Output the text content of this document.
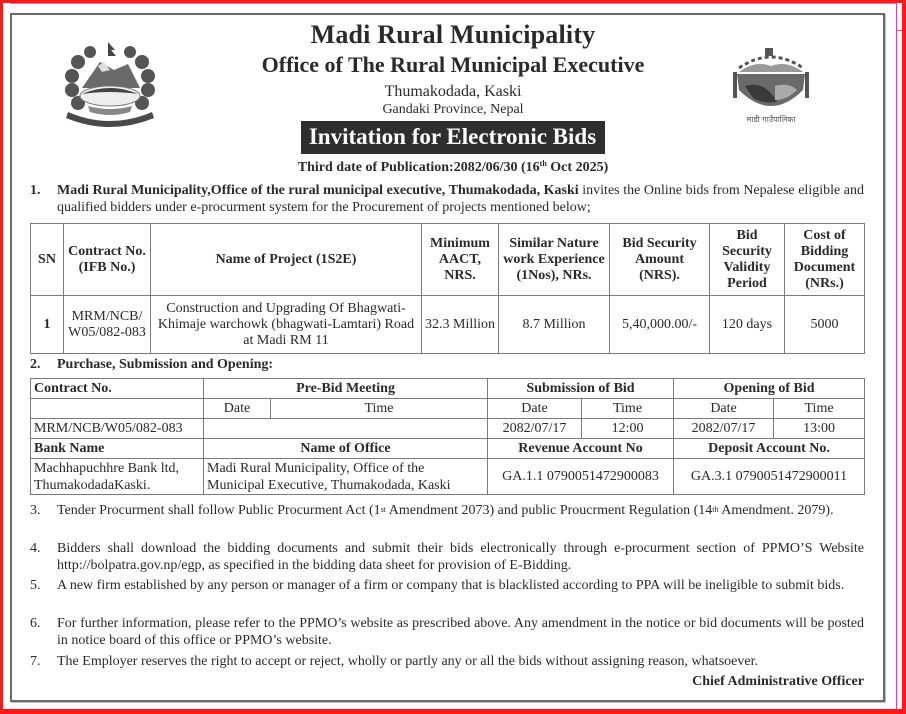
माडी गाउँपालिका
Madi Rural Municipality
Office of The Rural Municipal Executive
Thumakodada, Kaski
Gandaki Province, Nepal
Invitation for Electronic Bids
Third date of Publication:2082/06/30 (16th Oct 2025)
1. Madi Rural Municipality,Office of the rural municipal executive, Thumakodada, Kaski invites the Online bids from Nepalese eligible and qualified bidders under e-procurment system for the Procurement of projects mentioned below;
SN	Contract No. (IFB No.)	Name of Project (1S2E)	Minimum AACT, NRS.	Similar Nature work Experience (1Nos), NRs.	Bid Security Amount (NRS).	Bid Security Validity Period	Cost of Bidding Document (NRs.)
1	MRM/NCB/ W05/082-083	Construction and Upgrading Of Bhagwati-Khimaje warchowk (bhagwati-Lamtari) Road at Madi RM 11	32.3 Million	8.7 Million	5,40,000.00/-	120 days	5000
2. Purchase, Submission and Opening:
Contract No.	Pre-Bid Meeting		Submission of Bid		Opening of Bid	
	Date	Time	Date	Time	Date	Time
MRM/NCB/W05/082-083			2082/07/17	12:00	2082/07/17	13:00
Bank Name	Name of Office		Revenue Account No		Deposit Account No.	
Machhapuchhre Bank ltd, ThumakodadaKaski.	Madi Rural Municipality, Office of the Municipal Executive, Thumakodada, Kaski		GA.1.1 0790051472900083		GA.3.1 0790051472900011	
3. Tender Procurment shall follow Public Procurment Act (1st Amendment 2073) and public Proucrment Regulation (14th Amendment. 2079).
4. Bidders shall download the bidding documents and submit their bids electronically through e-procurment section of PPMO’S Website http://bolpatra.gov.np/egp, as specified in the bidding data sheet for provision of E-Bidding.
5. A new firm established by any person or manager of a firm or company that is blacklisted according to PPA will be ineligible to submit bids.
6. For further information, please refer to the PPMO’s website as prescribed above. Any amendment in the notice or bid documents will be posted in notice board of this office or PPMO’s website.
7. The Employer reserves the right to accept or reject, wholly or partly any or all the bids without assigning reason, whatsoever.
Chief Administrative Officer
